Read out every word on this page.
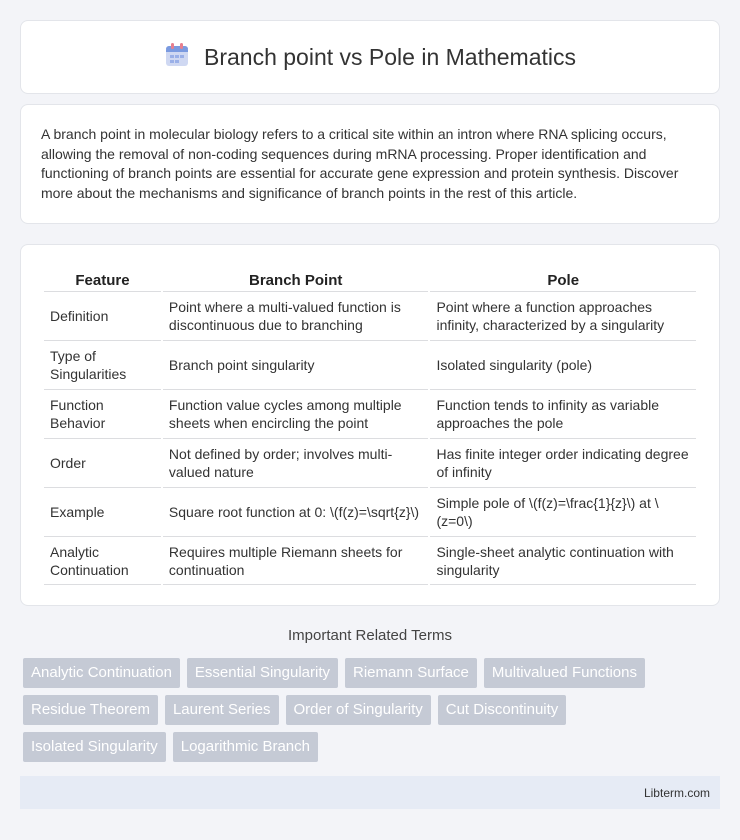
Branch point vs Pole in Mathematics

A branch point in molecular biology refers to a critical site within an intron where RNA splicing occurs, allowing the removal of non-coding sequences during mRNA processing. Proper identification and functioning of branch points are essential for accurate gene expression and protein synthesis. Discover more about the mechanisms and significance of branch points in the rest of this article.

Feature	Branch Point	Pole
Definition	Point where a multi-valued function is discontinuous due to branching	Point where a function approaches infinity, characterized by a singularity
Type of Singularities	Branch point singularity	Isolated singularity (pole)
Function Behavior	Function value cycles among multiple sheets when encircling the point	Function tends to infinity as variable approaches the pole
Order	Not defined by order; involves multi-valued nature	Has finite integer order indicating degree of infinity
Example	Square root function at 0: \(f(z)=\sqrt{z}\)	Simple pole of \(f(z)=\frac{1}{z}\) at \(z=0\)
Analytic Continuation	Requires multiple Riemann sheets for continuation	Single-sheet analytic continuation with singularity
Important Related Terms
Analytic Continuation	Essential Singularity	Riemann Surface	Multivalued Functions
Residue Theorem	Laurent Series	Order of Singularity	Cut Discontinuity
Isolated Singularity	Logarithmic Branch
Libterm.com
